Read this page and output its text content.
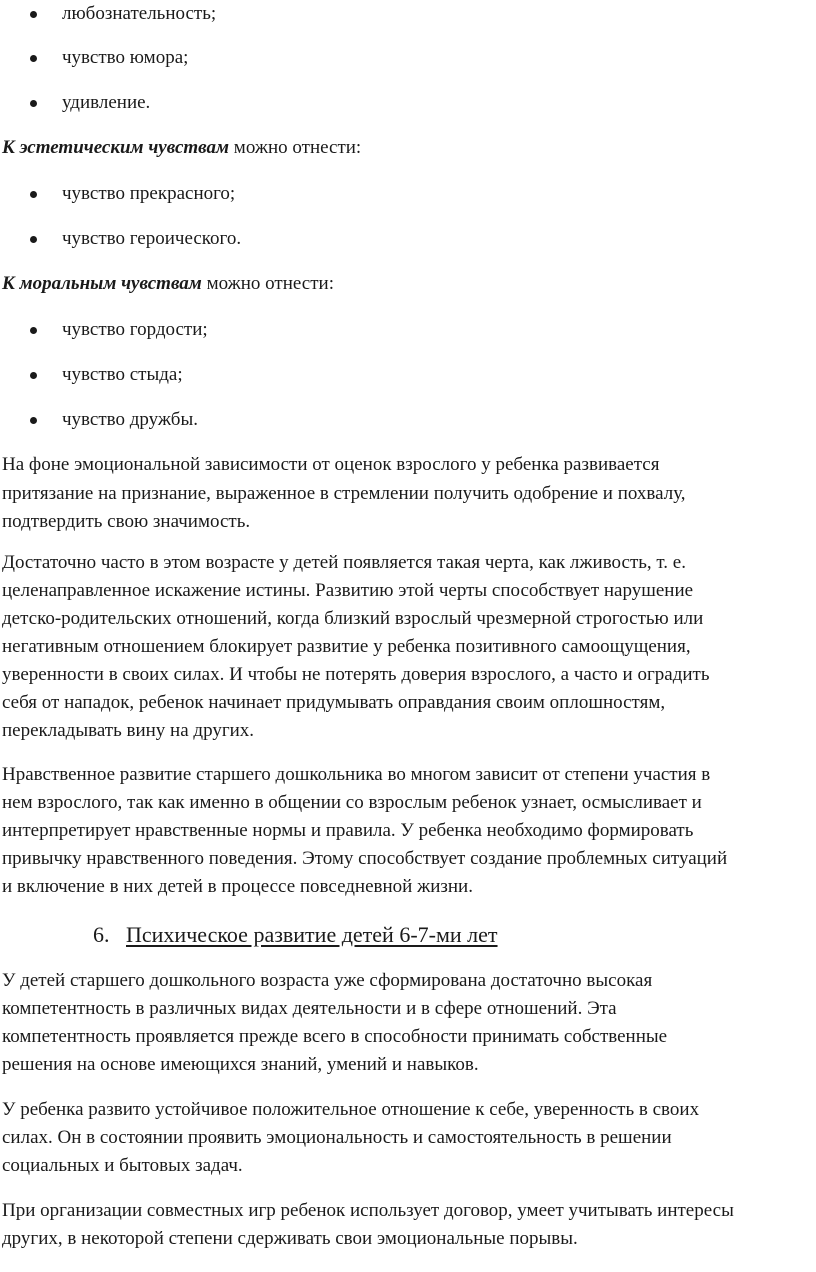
любознательность;
чувство юмора;
удивление.
К эстетическим чувствам можно отнести:
чувство прекрасного;
чувство героического.
К моральным чувствам можно отнести:
чувство гордости;
чувство стыда;
чувство дружбы.
На фоне эмоциональной зависимости от оценок взрослого у ребенка развивается
притязание на признание, выраженное в стремлении получить одобрение и похвалу,
подтвердить свою значимость.
Достаточно часто в этом возрасте у детей появляется такая черта, как лживость, т. е.
целенаправленное искажение истины. Развитию этой черты способствует нарушение
детско-родительских отношений, когда близкий взрослый чрезмерной строгостью или
негативным отношением блокирует развитие у ребенка позитивного самоощущения,
уверенности в своих силах. И чтобы не потерять доверия взрослого, а часто и оградить
себя от нападок, ребенок начинает придумывать оправдания своим оплошностям,
перекладывать вину на других.
Нравственное развитие старшего дошкольника во многом зависит от степени участия в
нем взрослого, так как именно в общении со взрослым ребенок узнает, осмысливает и
интерпретирует нравственные нормы и правила. У ребенка необходимо формировать
привычку нравственного поведения. Этому способствует создание проблемных ситуаций
и включение в них детей в процессе повседневной жизни.
6. Психическое развитие детей 6-7-ми лет
У детей старшего дошкольного возраста уже сформирована достаточно высокая
компетентность в различных видах деятельности и в сфере отношений. Эта
компетентность проявляется прежде всего в способности принимать собственные
решения на основе имеющихся знаний, умений и навыков.
У ребенка развито устойчивое положительное отношение к себе, уверенность в своих
силах. Он в состоянии проявить эмоциональность и самостоятельность в решении
социальных и бытовых задач.
При организации совместных игр ребенок использует договор, умеет учитывать интересы
других, в некоторой степени сдерживать свои эмоциональные порывы.
